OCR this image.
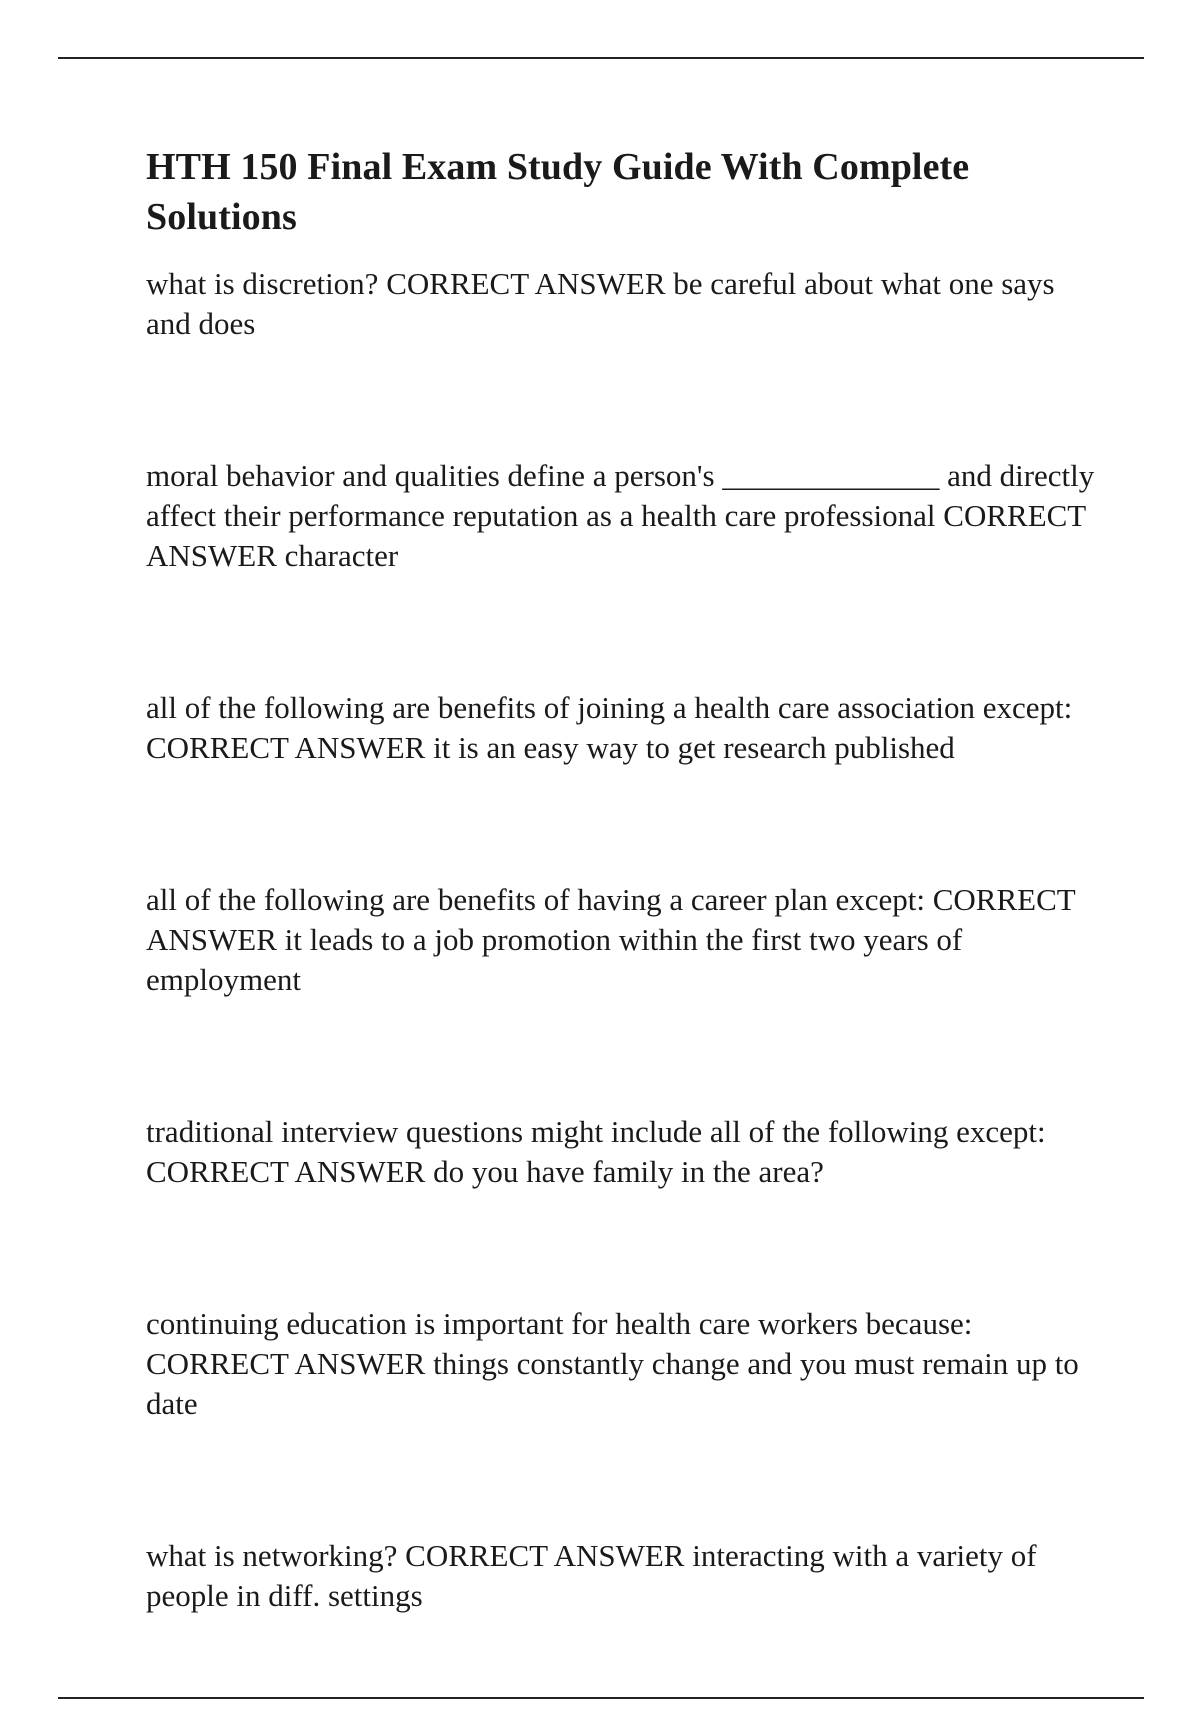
HTH 150 Final Exam Study Guide With Complete Solutions
what is discretion? CORRECT ANSWER be careful about what one says and does
moral behavior and qualities define a person's ______________ and directly affect their performance reputation as a health care professional CORRECT ANSWER character
all of the following are benefits of joining a health care association except: CORRECT ANSWER it is an easy way to get research published
all of the following are benefits of having a career plan except: CORRECT ANSWER it leads to a job promotion within the first two years of employment
traditional interview questions might include all of the following except: CORRECT ANSWER do you have family in the area?
continuing education is important for health care workers because: CORRECT ANSWER things constantly change and you must remain up to date
what is networking? CORRECT ANSWER interacting with a variety of people in diff. settings
